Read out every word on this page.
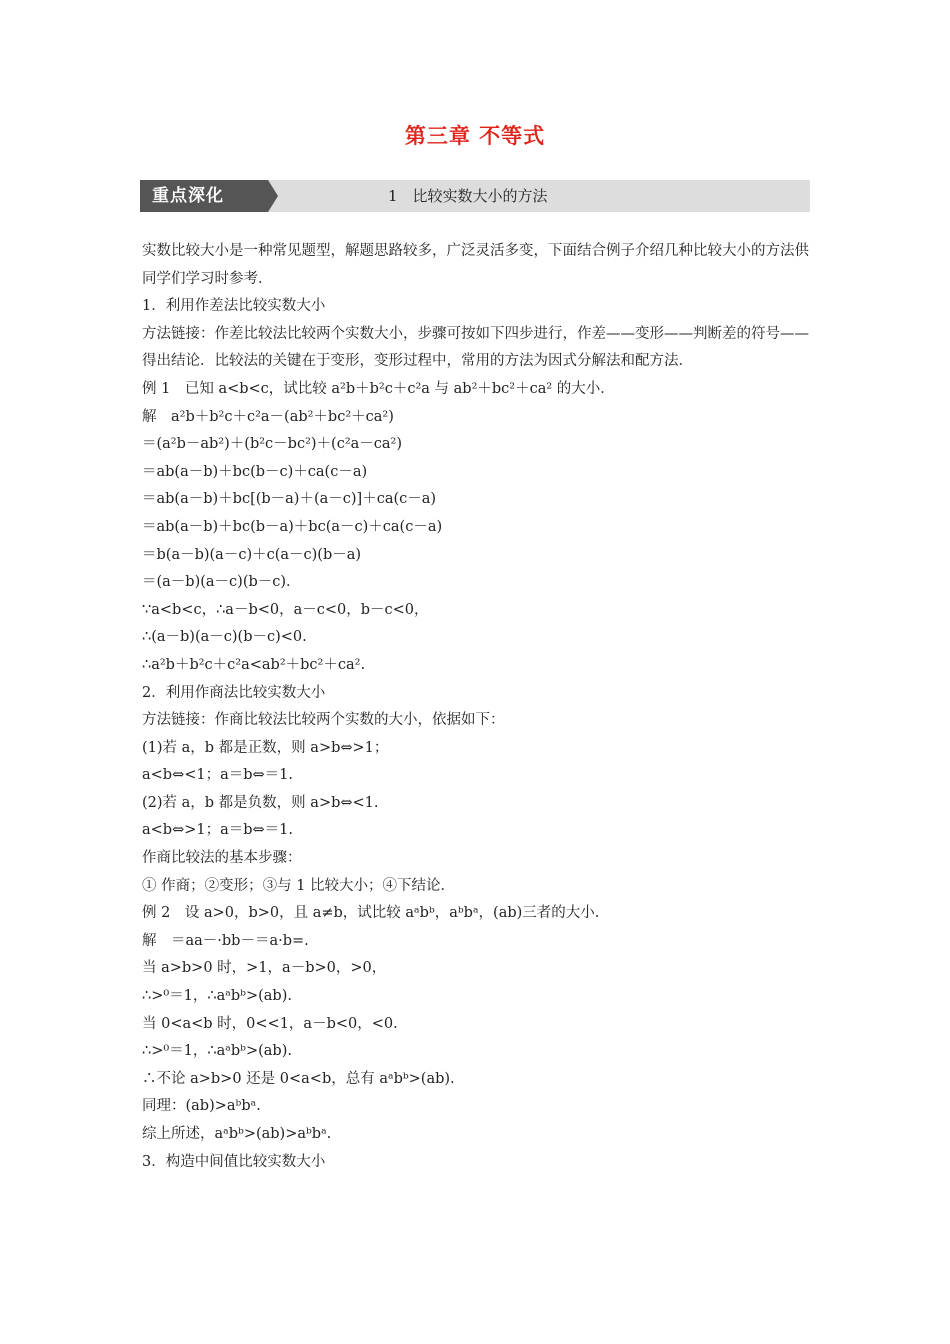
第三章 不等式
重点深化	1　比较实数大小的方法
实数比较大小是一种常见题型，解题思路较多，广泛灵活多变，下面结合例子介绍几种比较大小的方法供同学们学习时参考．
1．利用作差法比较实数大小
方法链接：作差比较法比较两个实数大小，步骤可按如下四步进行，作差——变形——判断差的符号——得出结论．比较法的关键在于变形，变形过程中，常用的方法为因式分解法和配方法．
例 1　已知 a<b<c，试比较 a²b＋b²c＋c²a 与 ab²＋bc²＋ca² 的大小．
解　a²b＋b²c＋c²a－(ab²＋bc²＋ca²)
＝(a²b－ab²)＋(b²c－bc²)＋(c²a－ca²)
＝ab(a－b)＋bc(b－c)＋ca(c－a)
＝ab(a－b)＋bc[(b－a)＋(a－c)]＋ca(c－a)
＝ab(a－b)＋bc(b－a)＋bc(a－c)＋ca(c－a)
＝b(a－b)(a－c)＋c(a－c)(b－a)
＝(a－b)(a－c)(b－c)．
∵a<b<c，∴a－b<0，a－c<0，b－c<0，
∴(a－b)(a－c)(b－c)<0.
∴a²b＋b²c＋c²a<ab²＋bc²＋ca².
2．利用作商法比较实数大小
方法链接：作商比较法比较两个实数的大小，依据如下：
(1)若 a，b 都是正数，则 a>b⇔>1；
a<b⇔<1；a＝b⇔＝1.
(2)若 a，b 都是负数，则 a>b⇔<1.
a<b⇔>1；a＝b⇔＝1.
作商比较法的基本步骤：
① 作商；②变形；③与 1 比较大小；④下结论．
例 2　设 a>0，b>0，且 a≠b，试比较 aᵃbᵇ，aᵇbᵃ，(ab)三者的大小．
解　＝aa－·bb－＝a·b=.
当 a>b>0 时，>1，a－b>0，>0，
∴>⁰＝1，∴aᵃbᵇ>(ab).
当 0<a<b 时，0<<1，a－b<0，<0.
∴>⁰＝1，∴aᵃbᵇ>(ab).
∴不论 a>b>0 还是 0<a<b，总有 aᵃbᵇ>(ab).
同理：(ab)>aᵇbᵃ.
综上所述，aᵃbᵇ>(ab)>aᵇbᵃ.
3．构造中间值比较实数大小
